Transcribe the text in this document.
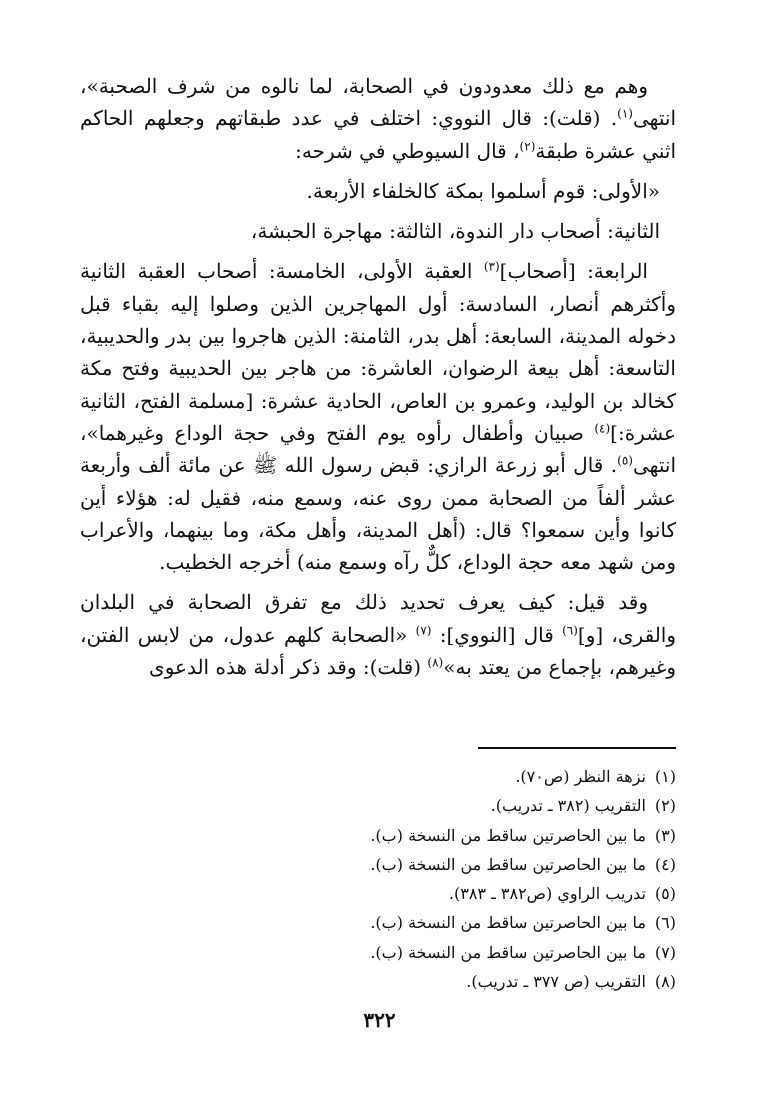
وهم مع ذلك معدودون في الصحابة، لما نالوه من شرف الصحبة»، انتهى$^{(١)}$. (قلت): قال النووي: اختلف في عدد طبقاتهم وجعلهم الحاكم اثني عشرة طبقة$^{(٢)}$، قال السيوطي في شرحه:

«الأولى: قوم أسلموا بمكة كالخلفاء الأربعة.

الثانية: أصحاب دار الندوة، الثالثة: مهاجرة الحبشة،

الرابعة: [أصحاب]$^{(٣)}$ العقبة الأولى، الخامسة: أصحاب العقبة الثانية وأكثرهم أنصار، السادسة: أول المهاجرين الذين وصلوا إليه بقباء قبل دخوله المدينة، السابعة: أهل بدر، الثامنة: الذين هاجروا بين بدر والحديبية، التاسعة: أهل بيعة الرضوان، العاشرة: من هاجر بين الحديبية وفتح مكة كخالد بن الوليد، وعمرو بن العاص، الحادية عشرة: [مسلمة الفتح، الثانية عشرة:]$^{(٤)}$ صبيان وأطفال رأوه يوم الفتح وفي حجة الوداع وغيرهما»، انتهى$^{(٥)}$. قال أبو زرعة الرازي: قبض رسول الله ﷺ عن مائة ألف وأربعة عشر ألفاً من الصحابة ممن روى عنه، وسمع منه، فقيل له: هؤلاء أين كانوا وأين سمعوا؟ قال: (أهل المدينة، وأهل مكة، وما بينهما، والأعراب ومن شهد معه حجة الوداع، كلٌّ رآه وسمع منه) أخرجه الخطيب.

وقد قيل: كيف يعرف تحديد ذلك مع تفرق الصحابة في البلدان والقرى، [و]$^{(٦)}$ قال [النووي]: $^{(٧)}$ «الصحابة كلهم عدول، من لابس الفتن، وغيرهم، بإجماع من يعتد به»$^{(٨)}$ (قلت): وقد ذكر أدلة هذه الدعوى

(١)نزهة النظر (ص٧٠).
(٢)التقريب (٣٨٢ ـ تدريب).
(٣)ما بين الحاصرتين ساقط من النسخة (ب).
(٤)ما بين الحاصرتين ساقط من النسخة (ب).
(٥)تدريب الراوي (ص٣٨٢ ـ ٣٨٣).
(٦)ما بين الحاصرتين ساقط من النسخة (ب).
(٧)ما بين الحاصرتين ساقط من النسخة (ب).
(٨)التقريب (ص ٣٧٧ ـ تدريب).
٣٢٢
